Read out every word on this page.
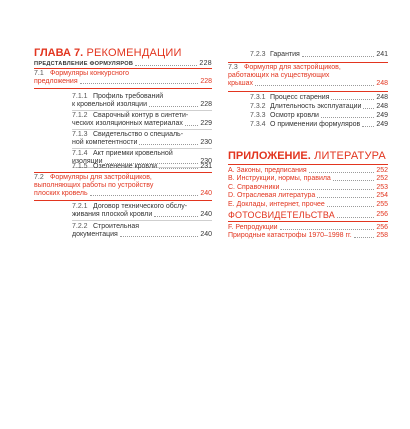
ГЛАВА 7. РЕКОМЕНДАЦИИ
ПРЕДСТАВЛЕНИЕ ФОРМУЛЯРОВ	228
7.1 Формуляры конкурсного
предложения	228
7.1.1 Профиль требований
к кровельной изоляции	228
7.1.2 Сварочный контур в синтети-
ческих изоляционных материалах 229
7.1.3 Свидетельство о специаль-
ной компетентности	230
7.1.4 Акт приемки кровельной
изоляции	230
7.1.5 Озеленение кровли	231
7.2 Формуляры для застройщиков,
выполняющих работы по устройству
плоских кровель	240
7.2.1 Договор технического обслу-
живания плоской кровли	240
7.2.2 Строительная
документация	240
7.2.3 Гарантия	241
7.3 Формуляр для застройщиков,
работающих на существующих
крышах	248
7.3.1 Процесс старения	248
7.3.2 Длительность эксплуатации 248
7.3.3 Осмотр кровли	249
7.3.4 О применении формуляров 249
ПРИЛОЖЕНИЕ. ЛИТЕРАТУРА
A. Законы, предписания	252
B. Инструкции, нормы, правила	252
C. Справочники	253
D. Отраслевая литература	254
E. Доклады, интернет, прочее	255
ФОТОСВИДЕТЕЛЬСТВА	256
F. Репродукции	256
Природные катастрофы 1970–1998 гг.	258
